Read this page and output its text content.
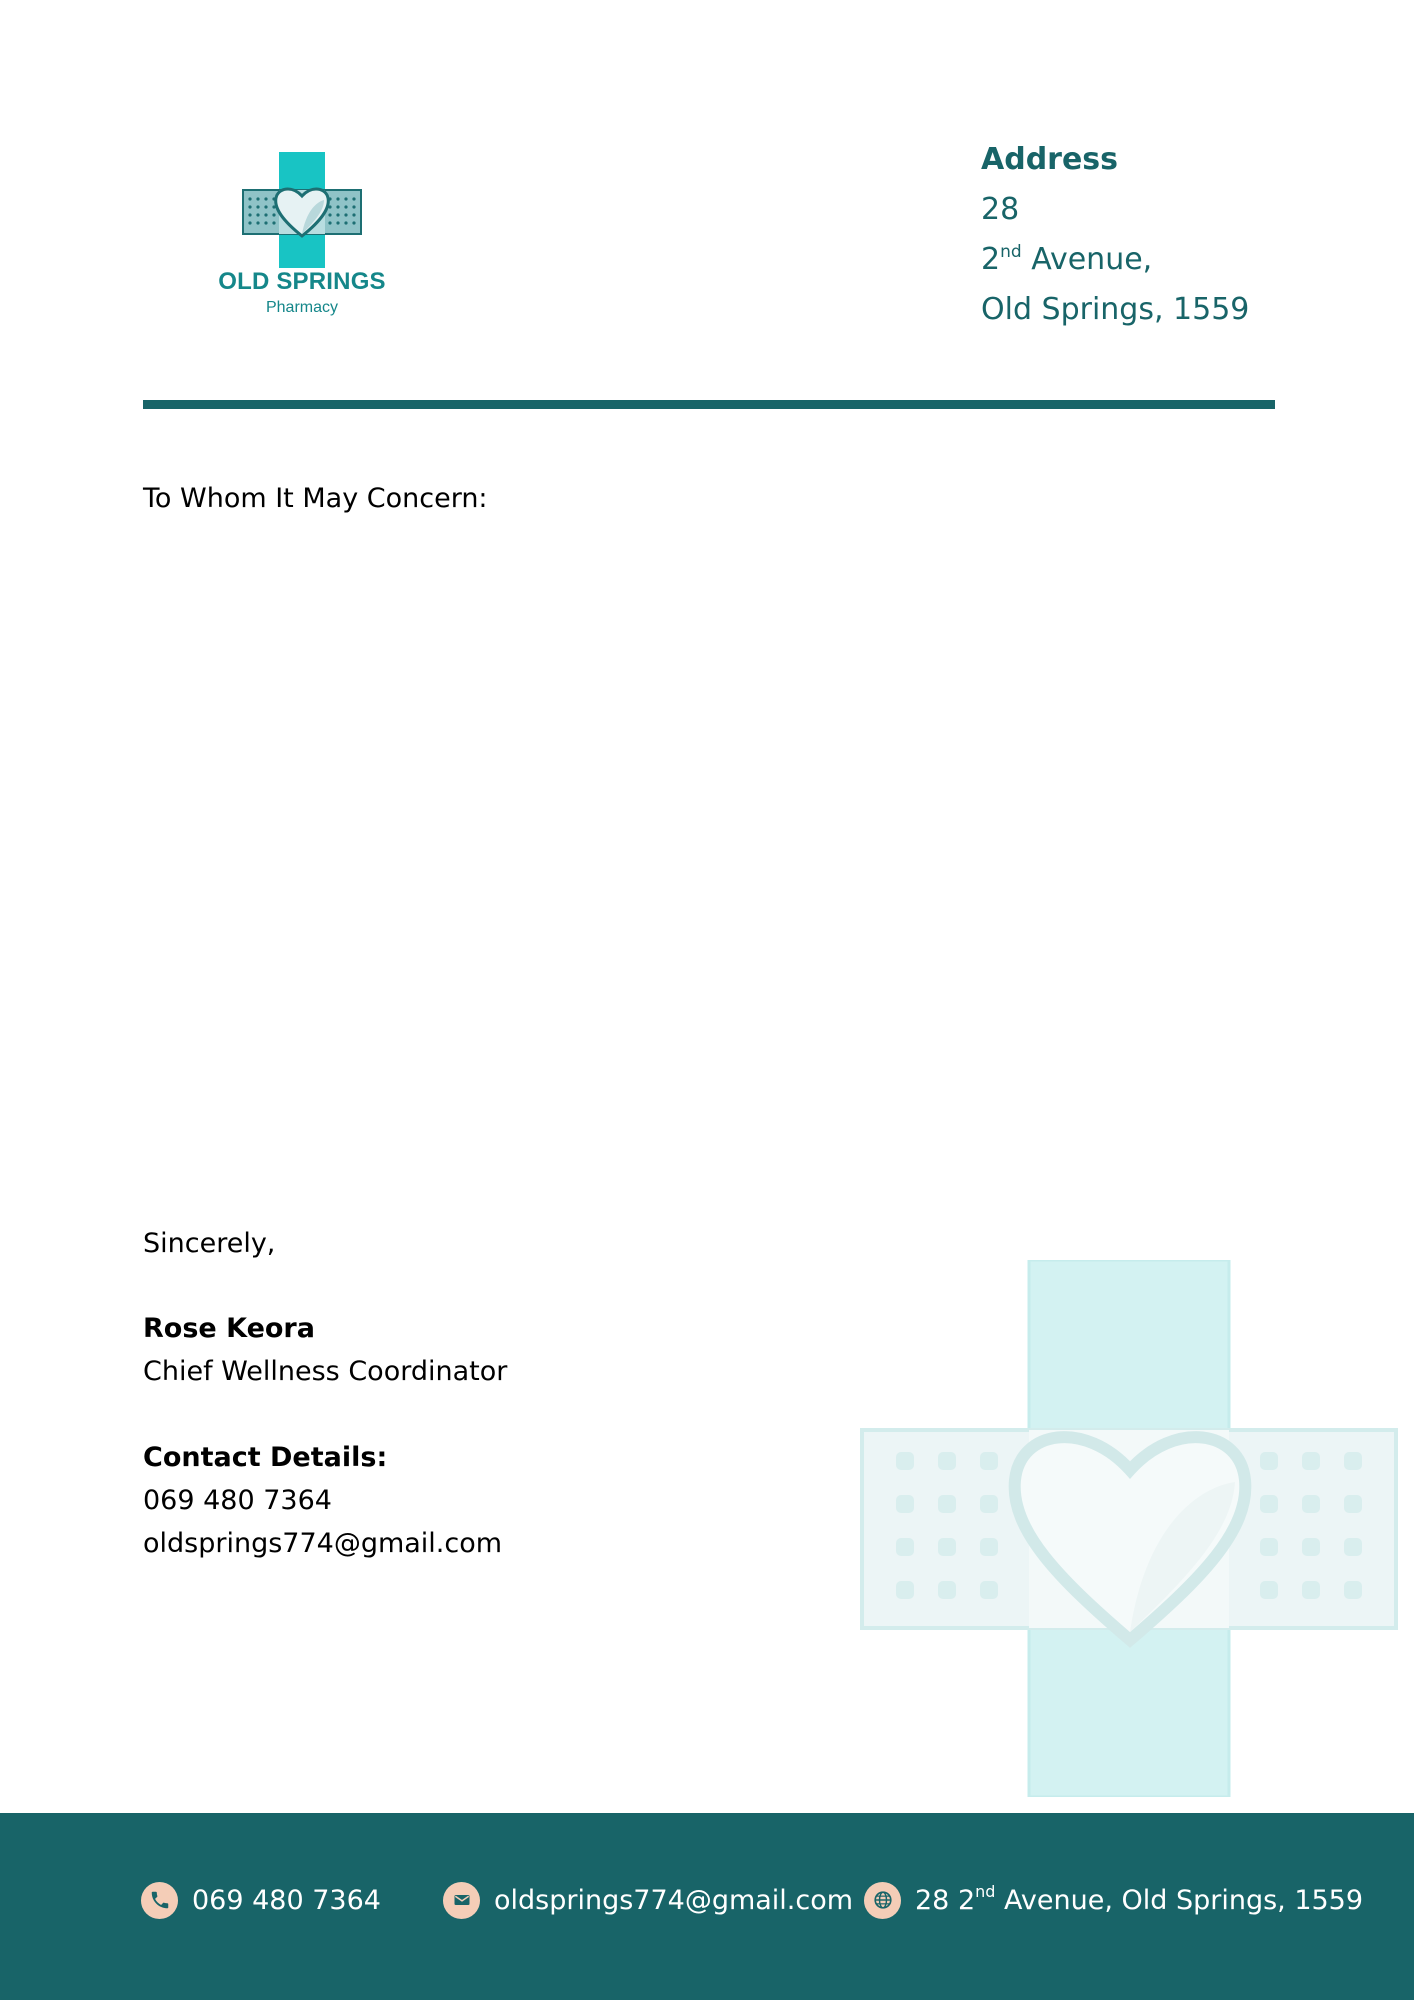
OLD SPRINGS
Pharmacy
Address
28
2nd Avenue,
Old Springs, 1559
To Whom It May Concern:
Sincerely,
Rose Keora
Chief Wellness Coordinator
Contact Details:
069 480 7364
oldsprings774@gmail.com
069 480 7364	oldsprings774@gmail.com 28 2nd Avenue, Old Springs, 1559
